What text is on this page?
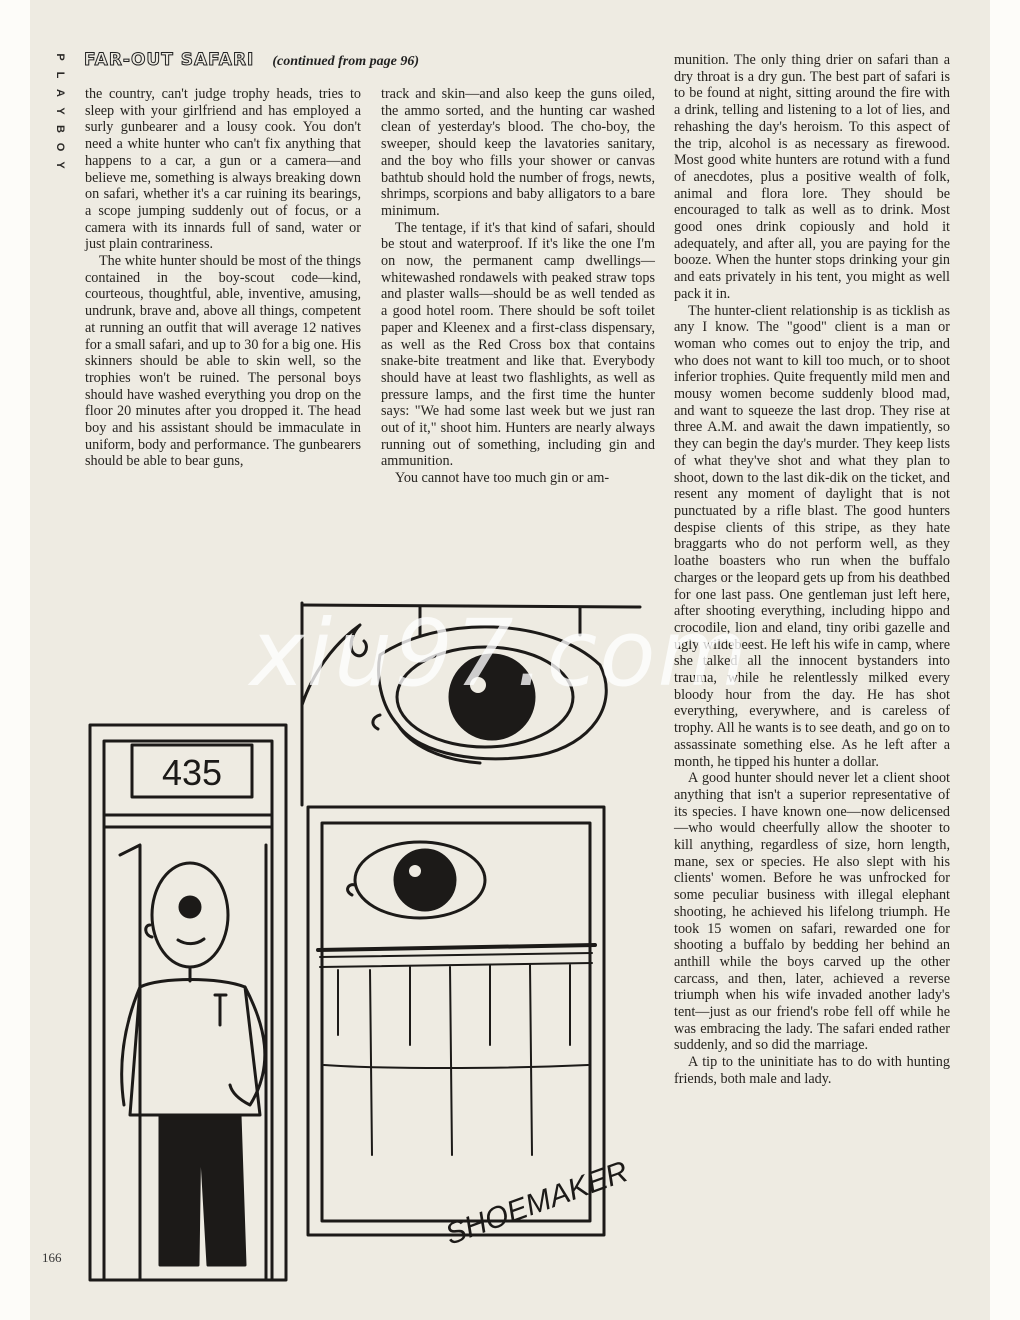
P
L
A
Y
B
O
Y
FAR-OUT SAFARI (continued from page 96)

the country, can't judge trophy heads, tries to sleep with your girlfriend and has employed a surly gunbearer and a lousy cook. You don't need a white hunter who can't fix anything that happens to a car, a gun or a camera—and believe me, something is always breaking down on safari, whether it's a car ruining its bearings, a scope jumping suddenly out of focus, or a camera with its innards full of sand, water or just plain contrariness.

The white hunter should be most of the things contained in the boy-scout code—kind, courteous, thoughtful, able, inventive, amusing, undrunk, brave and, above all things, competent at running an outfit that will average 12 natives for a small safari, and up to 30 for a big one. His skinners should be able to skin well, so the trophies won't be ruined. The personal boys should have washed everything you drop on the floor 20 minutes after you dropped it. The head boy and his assistant should be immaculate in uniform, body and performance. The gunbearers should be able to bear guns,

track and skin—and also keep the guns oiled, the ammo sorted, and the hunting car washed clean of yesterday's blood. The cho-boy, the sweeper, should keep the lavatories sanitary, and the boy who fills your shower or canvas bathtub should hold the number of frogs, newts, shrimps, scorpions and baby alligators to a bare minimum.

The tentage, if it's that kind of safari, should be stout and waterproof. If it's like the one I'm on now, the permanent camp dwellings—whitewashed rondawels with peaked straw tops and plaster walls—should be as well tended as a good hotel room. There should be soft toilet paper and Kleenex and a first-class dispensary, as well as the Red Cross box that contains snake-bite treatment and like that. Everybody should have at least two flashlights, as well as pressure lamps, and the first time the hunter says: "We had some last week but we just ran out of it," shoot him. Hunters are nearly always running out of something, including gin and ammunition.

You cannot have too much gin or am-

munition. The only thing drier on safari than a dry throat is a dry gun. The best part of safari is to be found at night, sitting around the fire with a drink, telling and listening to a lot of lies, and rehashing the day's heroism. To this aspect of the trip, alcohol is as necessary as firewood. Most good white hunters are rotund with a fund of anecdotes, plus a positive wealth of folk, animal and flora lore. They should be encouraged to talk as well as to drink. Most good ones drink copiously and hold it adequately, and after all, you are paying for the booze. When the hunter stops drinking your gin and eats privately in his tent, you might as well pack it in.

The hunter-client relationship is as ticklish as any I know. The "good" client is a man or woman who comes out to enjoy the trip, and who does not want to kill too much, or to shoot inferior trophies. Quite frequently mild men and mousy women become suddenly blood mad, and want to squeeze the last drop. They rise at three A.M. and await the dawn impatiently, so they can begin the day's murder. They keep lists of what they've shot and what they plan to shoot, down to the last dik-dik on the ticket, and resent any moment of daylight that is not punctuated by a rifle blast. The good hunters despise clients of this stripe, as they hate braggarts who do not perform well, as they loathe boasters who run when the buffalo charges or the leopard gets up from his deathbed for one last pass. One gentleman just left here, after shooting everything, including hippo and crocodile, lion and eland, tiny oribi gazelle and ugly wildebeest. He left his wife in camp, where she talked all the innocent bystanders into trauma, while he relentlessly milked every bloody hour from the day. He has shot everything, everywhere, and is careless of trophy. All he wants is to see death, and go on to assassinate something else. As he left after a month, he tipped his hunter a dollar.

A good hunter should never let a client shoot anything that isn't a superior representative of its species. I have known one—now delicensed—who would cheerfully allow the shooter to kill anything, regardless of size, horn length, mane, sex or species. He also slept with his clients' women. Before he was unfrocked for some peculiar business with illegal elephant shooting, he achieved his lifelong triumph. He took 15 women on safari, rewarded one for shooting a buffalo by bedding her behind an anthill while the boys carved up the other carcass, and then, later, achieved a reverse triumph when his wife invaded another lady's tent—just as our friend's robe fell off while he was embracing the lady. The safari ended rather suddenly, and so did the marriage.

A tip to the uninitiate has to do with hunting friends, both male and lady.

435
SHOEMAKER
xiu97.com
166
